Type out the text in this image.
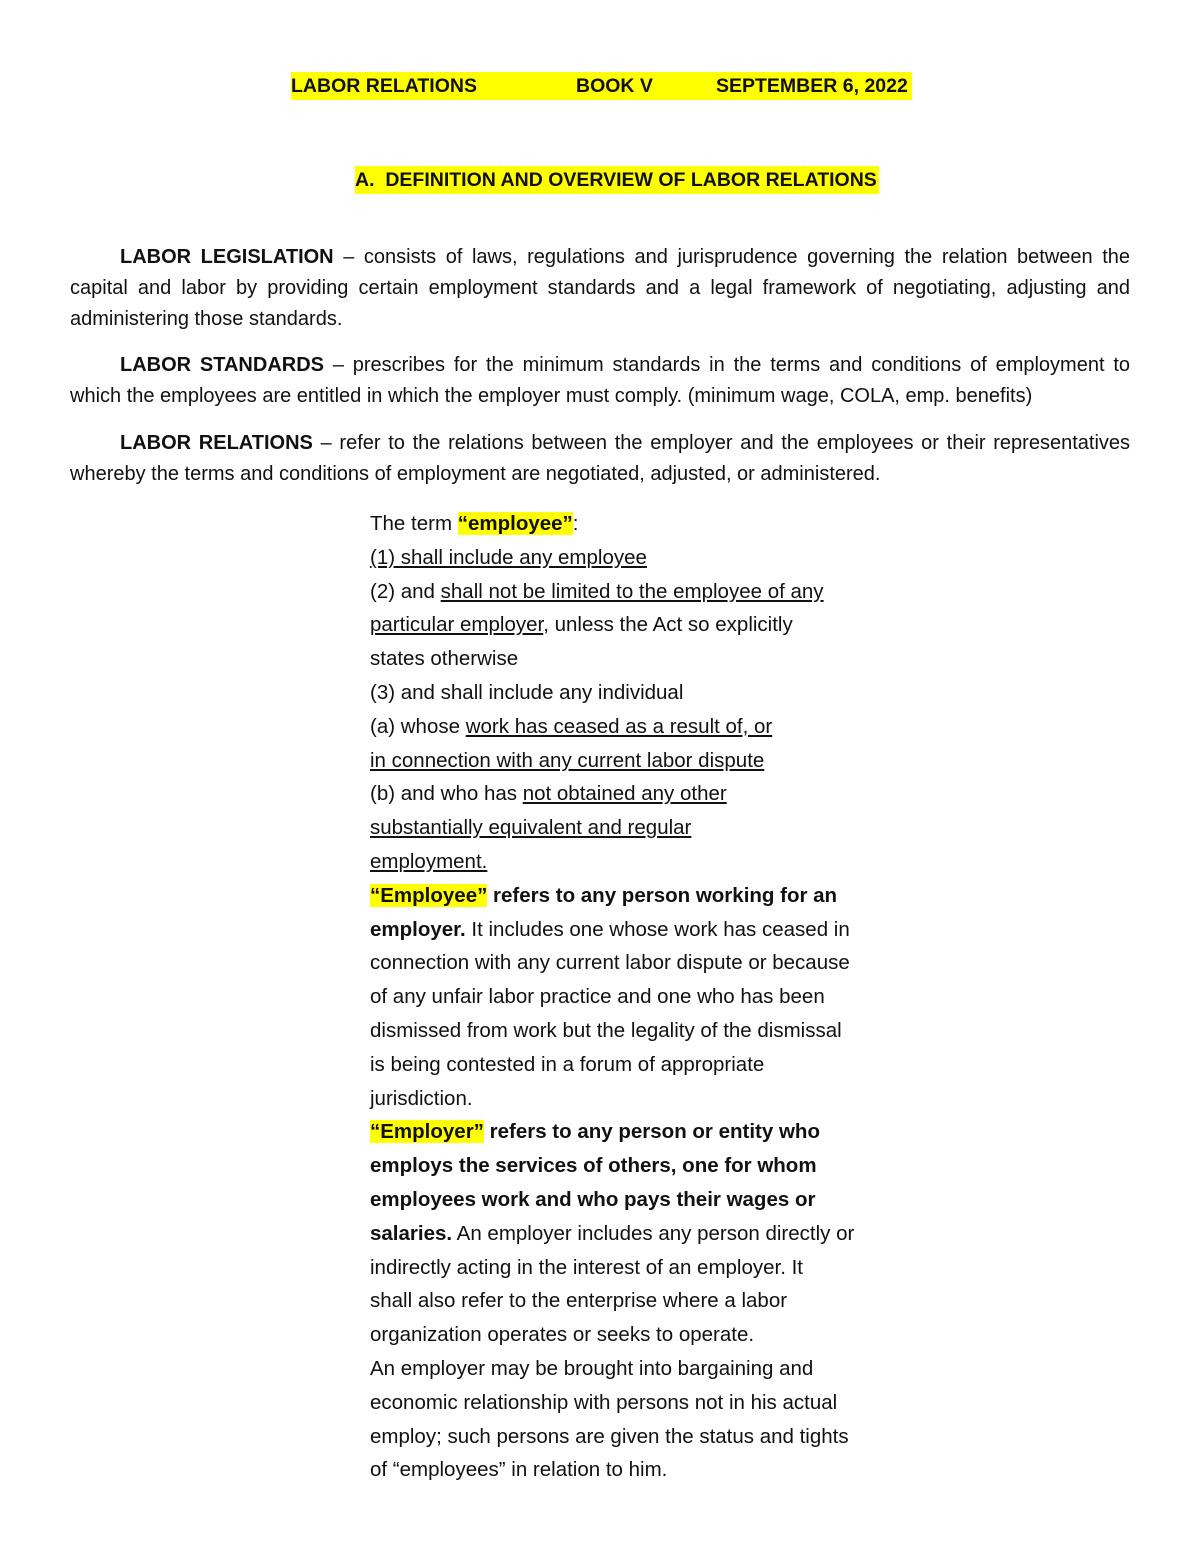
LABOR RELATIONS	BOOK V	SEPTEMBER 6, 2022
A.  DEFINITION AND OVERVIEW OF LABOR RELATIONS
LABOR LEGISLATION – consists of laws, regulations and jurisprudence governing the relation between the capital and labor by providing certain employment standards and a legal framework of negotiating, adjusting and administering those standards.
LABOR STANDARDS – prescribes for the minimum standards in the terms and conditions of employment to which the employees are entitled in which the employer must comply. (minimum wage, COLA, emp. benefits)
LABOR RELATIONS – refer to the relations between the employer and the employees or their representatives whereby the terms and conditions of employment are negotiated, adjusted, or administered.
The term “employee”:
(1) shall include any employee
(2) and shall not be limited to the employee of any
particular employer, unless the Act so explicitly
states otherwise
(3) and shall include any individual
(a) whose work has ceased as a result of, or
in connection with any current labor dispute
(b) and who has not obtained any other
substantially equivalent and regular
employment.
“Employee” refers to any person working for an
employer. It includes one whose work has ceased in
connection with any current labor dispute or because
of any unfair labor practice and one who has been
dismissed from work but the legality of the dismissal
is being contested in a forum of appropriate
jurisdiction.
“Employer” refers to any person or entity who
employs the services of others, one for whom
employees work and who pays their wages or
salaries. An employer includes any person directly or
indirectly acting in the interest of an employer. It
shall also refer to the enterprise where a labor
organization operates or seeks to operate.
An employer may be brought into bargaining and
economic relationship with persons not in his actual
employ; such persons are given the status and tights
of “employees” in relation to him.
